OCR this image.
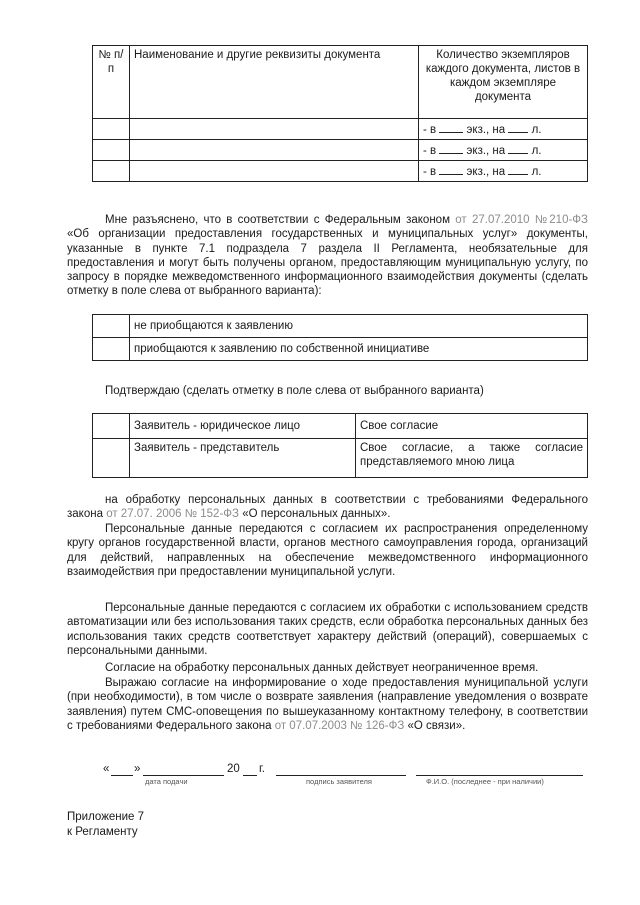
№ п/п	Наименование и другие реквизиты документа	Количество экземпляров каждого документа, листов в каждом экземпляре документа
		- в экз., на л.
		- в экз., на л.
		- в экз., на л.

Мне разъяснено, что в соответствии с Федеральным законом от 27.07.2010 №210-ФЗ «Об организации предоставления государственных и муниципальных услуг» документы, указанные в пункте 7.1 подраздела 7 раздела II Регламента, необязательные для предоставления и могут быть получены органом, предоставляющим муниципальную услугу, по запросу в порядке межведомственного информационного взаимодействия документы (сделать отметку в поле слева от выбранного варианта):

	не приобщаются к заявлению
	приобщаются к заявлению по собственной инициативе

Подтверждаю (сделать отметку в поле слева от выбранного варианта)

	Заявитель - юридическое лицо	Свое согласие
	Заявитель - представитель	Свое согласие, а также согласие представляемого мною лица

на обработку персональных данных в соответствии с требованиями Федерального закона от 27.07. 2006 № 152-ФЗ «О персональных данных».

Персональные данные передаются с согласием их распространения определенному кругу органов государственной власти, органов местного самоуправления города, организаций для действий, направленных на обеспечение межведомственного информационного взаимодействия при предоставлении муниципальной услуги.

Персональные данные передаются с согласием их обработки с использованием средств автоматизации или без использования таких средств, если обработка персональных данных без использования таких средств соответствует характеру действий (операций), совершаемых с персональными данными.

Согласие на обработку персональных данных действует неограниченное время.

Выражаю согласие на информирование о ходе предоставления муниципальной услуги (при необходимости), в том числе о возврате заявления (направление уведомления о возврате заявления) путем СМС-оповещения по вышеуказанному контактному телефону, в соответствии с требованиями Федерального закона от 07.07.2003 № 126-ФЗ «О связи».

« »
дата подачи
20 г.
подпись заявителя	Ф.И.О. (последнее - при наличии)
Приложение 7
к Регламенту
